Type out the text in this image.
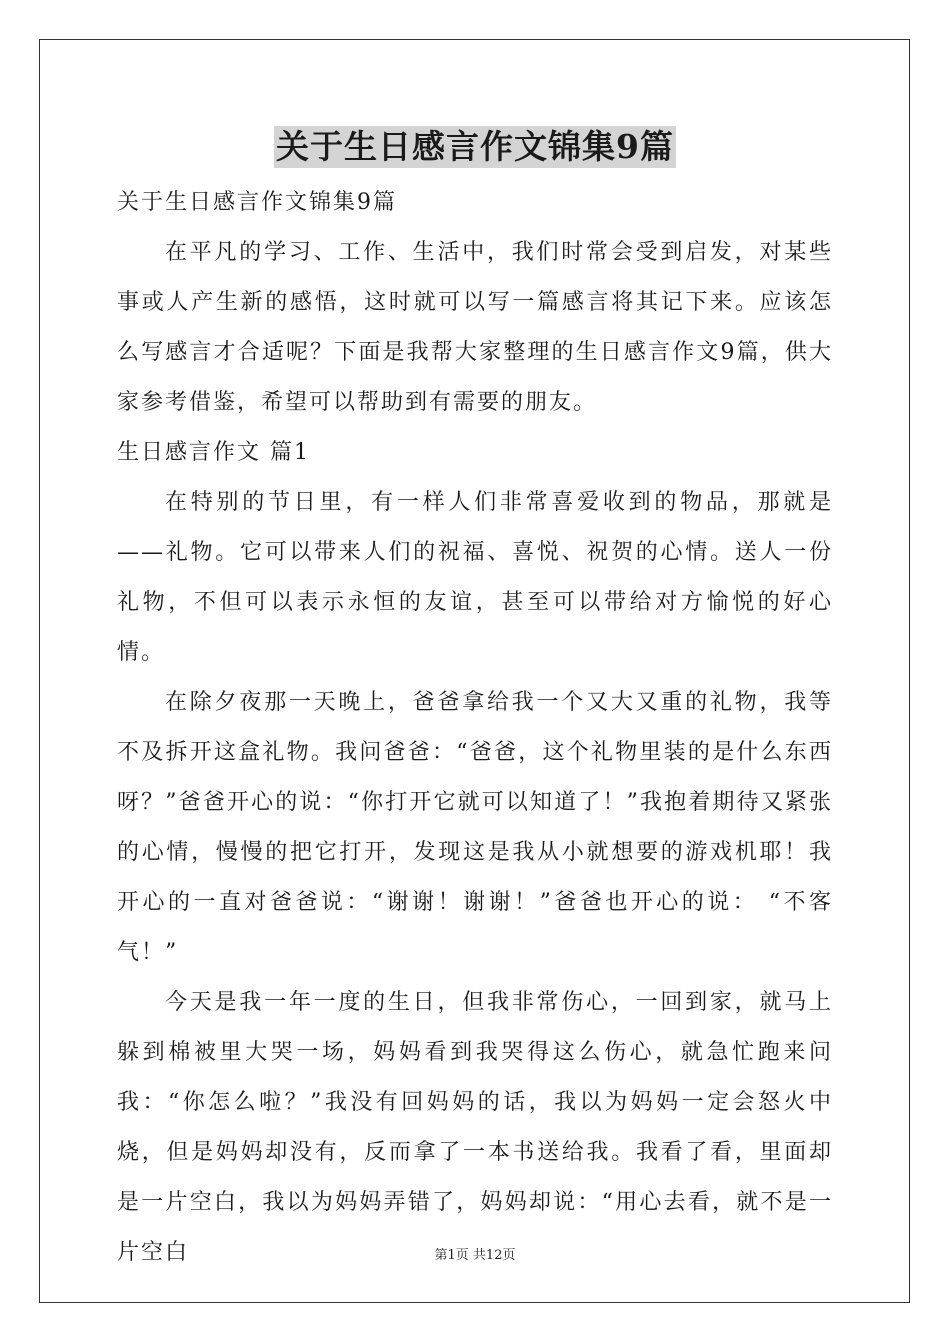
关于生日感言作文锦集9篇

关于生日感言作文锦集9篇

在平凡的学习、工作、生活中，我们时常会受到启发，对某些事或人产生新的感悟，这时就可以写一篇感言将其记下来。应该怎么写感言才合适呢？下面是我帮大家整理的生日感言作文9篇，供大家参考借鉴，希望可以帮助到有需要的朋友。

生日感言作文 篇1

在特别的节日里，有一样人们非常喜爱收到的物品，那就是——礼物。它可以带来人们的祝福、喜悦、祝贺的心情。送人一份礼物，不但可以表示永恒的友谊，甚至可以带给对方愉悦的好心情。

在除夕夜那一天晚上，爸爸拿给我一个又大又重的礼物，我等不及拆开这盒礼物。我问爸爸：“爸爸，这个礼物里装的是什么东西呀？”爸爸开心的说：“你打开它就可以知道了！”我抱着期待又紧张的心情，慢慢的把它打开，发现这是我从小就想要的游戏机耶！我开心的一直对爸爸说：“谢谢！谢谢！”爸爸也开心的说： “不客气！”

今天是我一年一度的生日，但我非常伤心，一回到家，就马上躲到棉被里大哭一场，妈妈看到我哭得这么伤心，就急忙跑来问我：“你怎么啦？”我没有回妈妈的话，我以为妈妈一定会怒火中烧，但是妈妈却没有，反而拿了一本书送给我。我看了看，里面却是一片空白，我以为妈妈弄错了，妈妈却说：“用心去看，就不是一片空白	第1页 共12页
